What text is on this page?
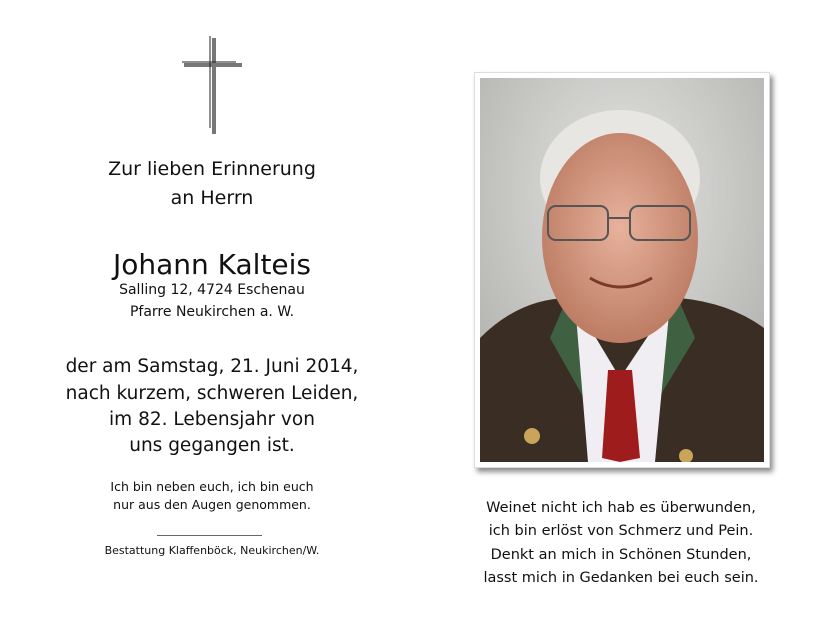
Zur lieben Erinnerung
an Herrn
Johann Kalteis
Salling 12, 4724 Eschenau
Pfarre Neukirchen a. W.
der am Samstag, 21. Juni 2014,
nach kurzem, schweren Leiden,
im 82. Lebensjahr von
uns gegangen ist.
Ich bin neben euch, ich bin euch
nur aus den Augen genommen.
Bestattung Klaffenböck, Neukirchen/W.
Weinet nicht ich hab es überwunden,
ich bin erlöst von Schmerz und Pein.
Denkt an mich in Schönen Stunden,
lasst mich in Gedanken bei euch sein.
